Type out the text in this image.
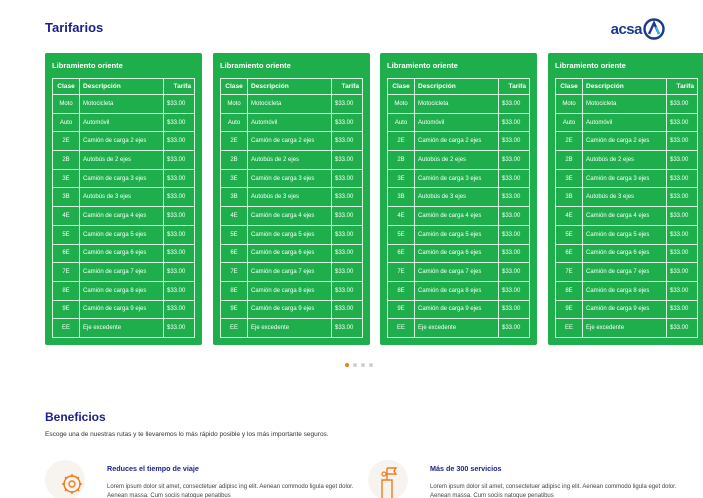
Tarifarios	acsa
Libramiento oriente
Clase	Descripción	Tarifa
Moto	Motocicleta	$33.00
Auto	Automóvil	$33.00
2E	Camión de carga 2 ejes	$33.00
2B	Autobús de 2 ejes	$33.00
3E	Camión de carga 3 ejes	$33.00
3B	Autobús de 3 ejes	$33.00
4E	Camión de carga 4 ejes	$33.00
5E	Camión de carga 5 ejes	$33.00
6E	Camión de carga 6 ejes	$33.00
7E	Camión de carga 7 ejes	$33.00
8E	Camión de carga 8 ejes	$33.00
9E	Camión de carga 9 ejes	$33.00
EE	Eje excedente	$33.00
Libramiento oriente
Clase	Descripción	Tarifa
Moto	Motocicleta	$33.00
Auto	Automóvil	$33.00
2E	Camión de carga 2 ejes	$33.00
2B	Autobús de 2 ejes	$33.00
3E	Camión de carga 3 ejes	$33.00
3B	Autobús de 3 ejes	$33.00
4E	Camión de carga 4 ejes	$33.00
5E	Camión de carga 5 ejes	$33.00
6E	Camión de carga 6 ejes	$33.00
7E	Camión de carga 7 ejes	$33.00
8E	Camión de carga 8 ejes	$33.00
9E	Camión de carga 9 ejes	$33.00
EE	Eje excedente	$33.00
Libramiento oriente
Clase	Descripción	Tarifa
Moto	Motocicleta	$33.00
Auto	Automóvil	$33.00
2E	Camión de carga 2 ejes	$33.00
2B	Autobús de 2 ejes	$33.00
3E	Camión de carga 3 ejes	$33.00
3B	Autobús de 3 ejes	$33.00
4E	Camión de carga 4 ejes	$33.00
5E	Camión de carga 5 ejes	$33.00
6E	Camión de carga 6 ejes	$33.00
7E	Camión de carga 7 ejes	$33.00
8E	Camión de carga 8 ejes	$33.00
9E	Camión de carga 9 ejes	$33.00
EE	Eje excedente	$33.00
Libramiento oriente
Clase	Descripción	Tarifa
Moto	Motocicleta	$33.00
Auto	Automóvil	$33.00
2E	Camión de carga 2 ejes	$33.00
2B	Autobús de 2 ejes	$33.00
3E	Camión de carga 3 ejes	$33.00
3B	Autobús de 3 ejes	$33.00
4E	Camión de carga 4 ejes	$33.00
5E	Camión de carga 5 ejes	$33.00
6E	Camión de carga 6 ejes	$33.00
7E	Camión de carga 7 ejes	$33.00
8E	Camión de carga 8 ejes	$33.00
9E	Camión de carga 9 ejes	$33.00
EE	Eje excedente	$33.00
Beneficios
Escoge una de nuestras rutas y te llevaremos lo más rápido posible y los más importante seguros.
Reduces el tiempo de viaje
Lorem ipsum dolor sit amet, consectetuer adipisc ing elit. Aenean commodo ligula eget dolor. Aenean massa. Cum sociis natoque penatibus
Más de 300 servicios
Lorem ipsum dolor sit amet, consectetuer adipisc ing elit. Aenean commodo ligula eget dolor. Aenean massa. Cum sociis natoque penatibus
